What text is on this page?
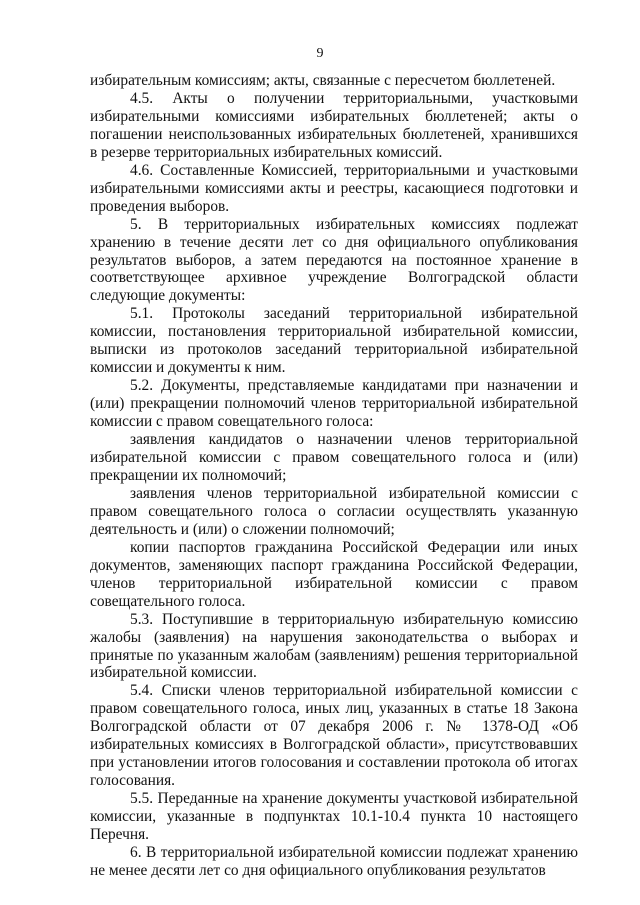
9

избирательным комиссиям; акты, связанные с пересчетом бюллетеней.

4.5. Акты о получении территориальными, участковыми избирательными комиссиями избирательных бюллетеней; акты о погашении неиспользованных избирательных бюллетеней, хранившихся в резерве территориальных избирательных комиссий.

4.6. Составленные Комиссией, территориальными и участковыми избирательными комиссиями акты и реестры, касающиеся подготовки и проведения выборов.

5. В территориальных избирательных комиссиях подлежат хранению в течение десяти лет со дня официального опубликования результатов выборов, а затем передаются на постоянное хранение в соответствующее архивное учреждение Волгоградской области следующие документы:

5.1. Протоколы заседаний территориальной избирательной комиссии, постановления территориальной избирательной комиссии, выписки из протоколов заседаний территориальной избирательной комиссии и документы к ним.

5.2. Документы, представляемые кандидатами при назначении и (или) прекращении полномочий членов территориальной избирательной комиссии с правом совещательного голоса:

заявления кандидатов о назначении членов территориальной избирательной комиссии с правом совещательного голоса и (или) прекращении их полномочий;

заявления членов территориальной избирательной комиссии с правом совещательного голоса о согласии осуществлять указанную деятельность и (или) о сложении полномочий;

копии паспортов гражданина Российской Федерации или иных документов, заменяющих паспорт гражданина Российской Федерации, членов территориальной избирательной комиссии с правом совещательного голоса.

5.3. Поступившие в территориальную избирательную комиссию жалобы (заявления) на нарушения законодательства о выборах и принятые по указанным жалобам (заявлениям) решения территориальной избирательной комиссии.

5.4. Списки членов территориальной избирательной комиссии с правом совещательного голоса, иных лиц, указанных в статье 18 Закона Волгоградской области от 07 декабря 2006 г. № 1378-ОД «Об избирательных комиссиях в Волгоградской области», присутствовавших при установлении итогов голосования и составлении протокола об итогах голосования.

5.5. Переданные на хранение документы участковой избирательной комиссии, указанные в подпунктах 10.1-10.4 пункта 10 настоящего Перечня.

6. В территориальной избирательной комиссии подлежат хранению не менее десяти лет со дня официального опубликования результатов
